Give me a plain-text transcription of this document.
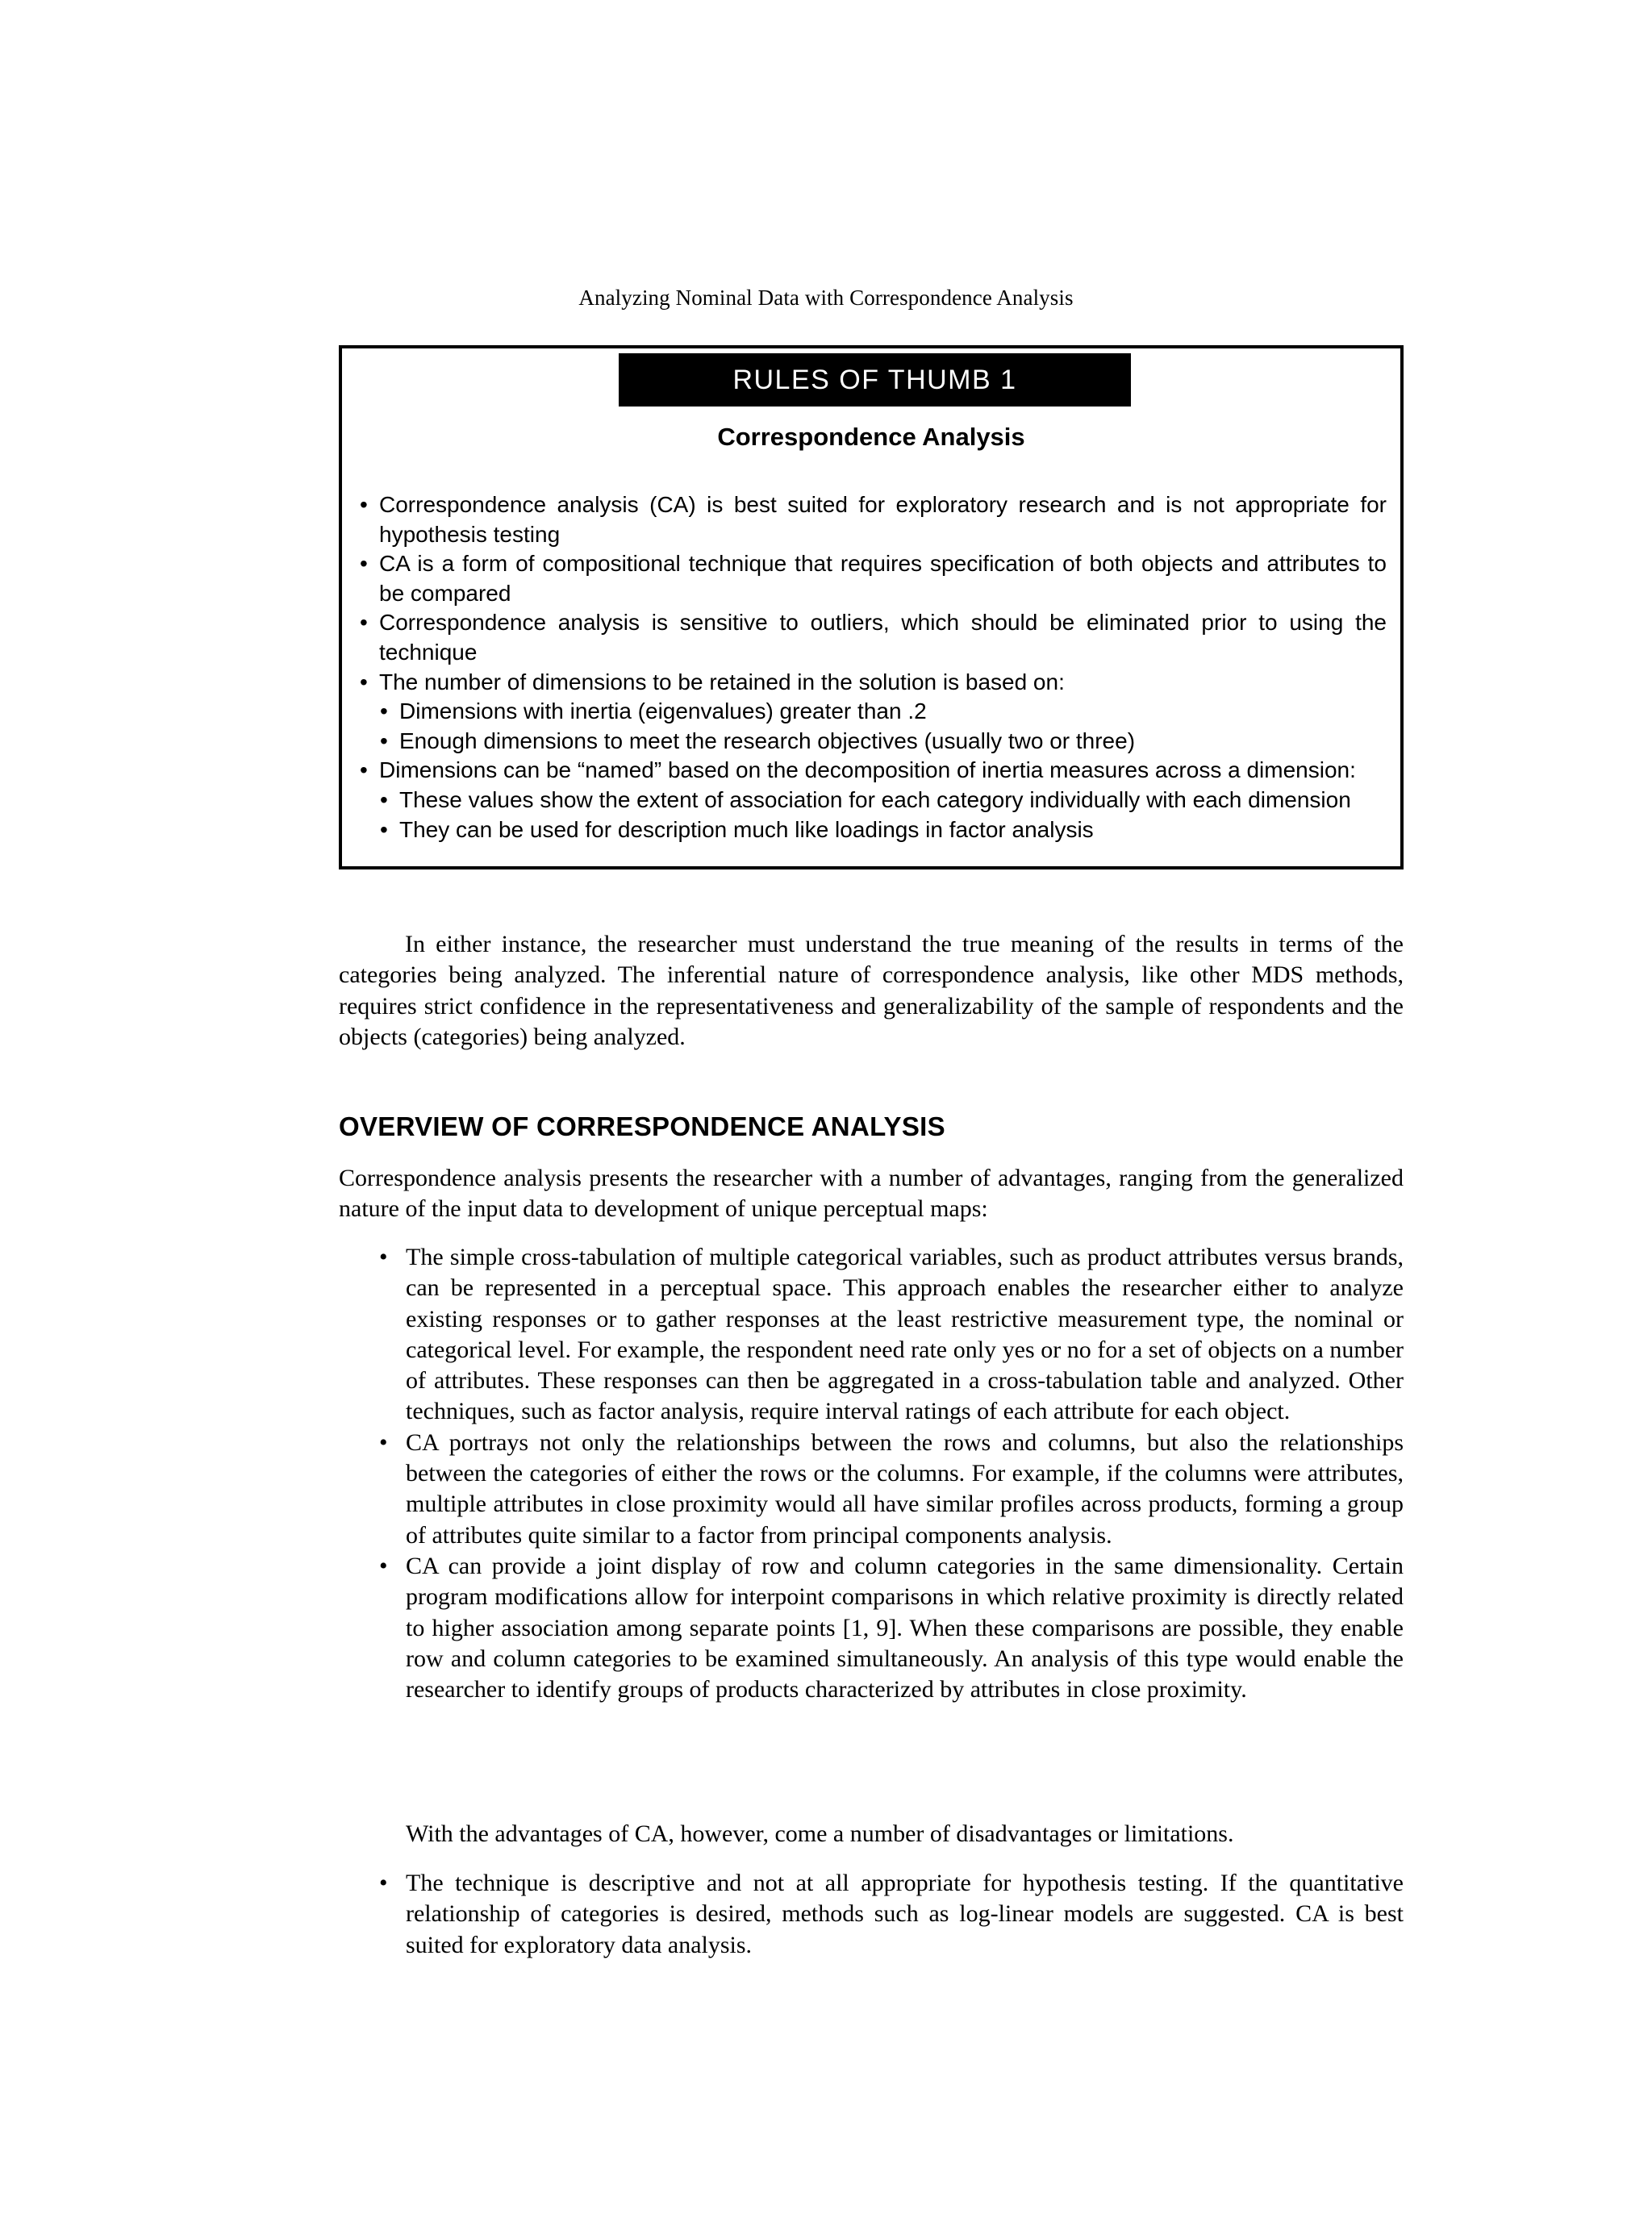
Analyzing Nominal Data with Correspondence Analysis
RULES OF THUMB 1
Correspondence Analysis
• Correspondence analysis (CA) is best suited for exploratory research and is not appropriate for hypothesis testing
• CA is a form of compositional technique that requires specification of both objects and attributes to be compared
• Correspondence analysis is sensitive to outliers, which should be eliminated prior to using the technique
• The number of dimensions to be retained in the solution is based on:
• Dimensions with inertia (eigenvalues) greater than .2
• Enough dimensions to meet the research objectives (usually two or three)
• Dimensions can be “named” based on the decomposition of inertia measures across a dimension:
• These values show the extent of association for each category individually with each dimension
• They can be used for description much like loadings in factor analysis

In either instance, the researcher must understand the true meaning of the results in terms of the categories being analyzed. The inferential nature of correspondence analysis, like other MDS methods, requires strict confidence in the representativeness and generalizability of the sample of respondents and the objects (categories) being analyzed.

OVERVIEW OF CORRESPONDENCE ANALYSIS

Correspondence analysis presents the researcher with a number of advantages, ranging from the generalized nature of the input data to development of unique perceptual maps:

• The simple cross-tabulation of multiple categorical variables, such as product attributes versus brands, can be represented in a perceptual space. This approach enables the researcher either to analyze existing responses or to gather responses at the least restrictive measurement type, the nominal or categorical level. For example, the respondent need rate only yes or no for a set of objects on a number of attributes. These responses can then be aggregated in a cross-tabulation table and analyzed. Other techniques, such as factor analysis, require interval ratings of each attribute for each object.
• CA portrays not only the relationships between the rows and columns, but also the relationships between the categories of either the rows or the columns. For example, if the columns were attributes, multiple attributes in close proximity would all have similar profiles across products, forming a group of attributes quite similar to a factor from principal components analysis.
• CA can provide a joint display of row and column categories in the same dimensionality. Certain program modifications allow for interpoint comparisons in which relative proximity is directly related to higher association among separate points [1, 9]. When these comparisons are possible, they enable row and column categories to be examined simultaneously. An analysis of this type would enable the researcher to identify groups of products characterized by attributes in close proximity.

With the advantages of CA, however, come a number of disadvantages or limitations.

• The technique is descriptive and not at all appropriate for hypothesis testing. If the quantitative relationship of categories is desired, methods such as log-linear models are suggested. CA is best suited for exploratory data analysis.
